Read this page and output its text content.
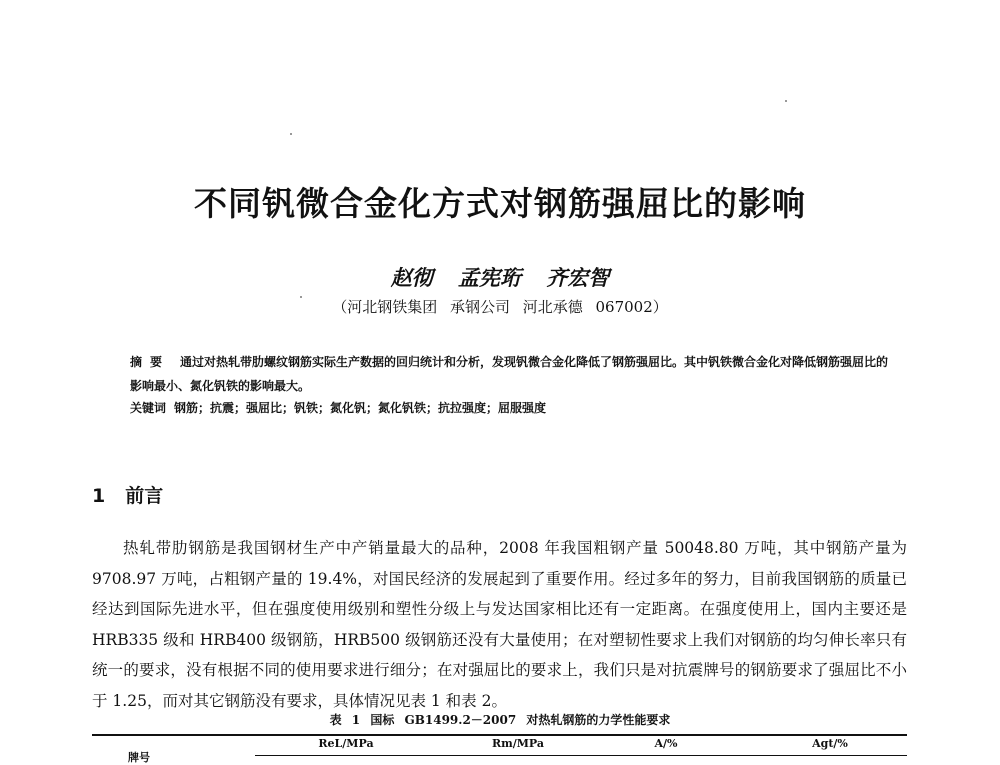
不同钒微合金化方式对钢筋强屈比的影响
赵彻 孟宪珩 齐宏智
（河北钢铁集团 承钢公司 河北承德 067002）
摘要 通过对热轧带肋螺纹钢筋实际生产数据的回归统计和分析，发现钒微合金化降低了钢筋强屈比。其中钒铁微合金化对降低钢筋强屈比的影响最小、氮化钒铁的影响最大。
关键词 钢筋；抗震；强屈比；钒铁；氮化钒；氮化钒铁；抗拉强度；屈服强度
1 前言

热轧带肋钢筋是我国钢材生产中产销量最大的品种，2008 年我国粗钢产量 50048.80 万吨，其中钢筋产量为 9708.97 万吨，占粗钢产量的 19.4%，对国民经济的发展起到了重要作用。经过多年的努力，目前我国钢筋的质量已经达到国际先进水平，但在强度使用级别和塑性分级上与发达国家相比还有一定距离。在强度使用上，国内主要还是 HRB335 级和 HRB400 级钢筋，HRB500 级钢筋还没有大量使用；在对塑韧性要求上我们对钢筋的均匀伸长率只有统一的要求，没有根据不同的使用要求进行细分；在对强屈比的要求上，我们只是对抗震牌号的钢筋要求了强屈比不小于 1.25，而对其它钢筋没有要求，具体情况见表 1 和表 2。

表 1 国标 GB1499.2－2007 对热轧钢筋的力学性能要求
牌号
ReL/MPa	Rm/MPa	A/%	Agt/%
